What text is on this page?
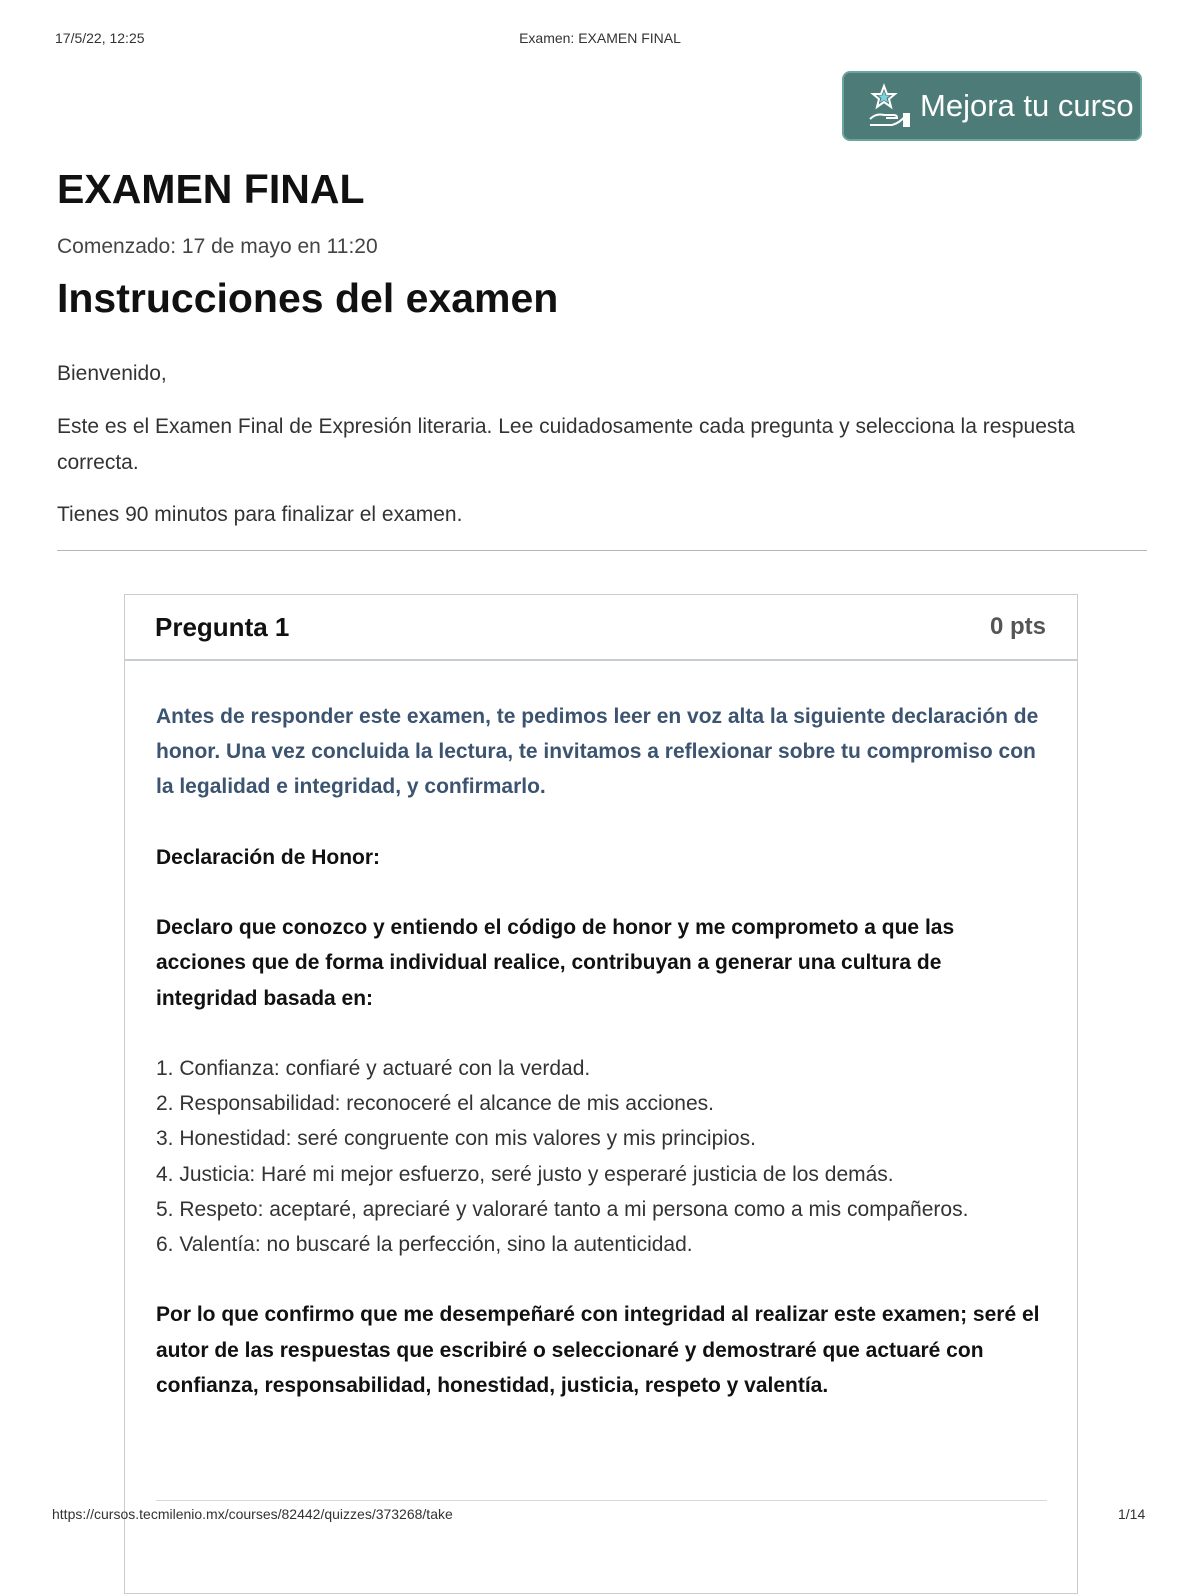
17/5/22, 12:25	Examen: EXAMEN FINAL
Mejora tu curso
EXAMEN FINAL
Comenzado: 17 de mayo en 11:20
Instrucciones del examen

Bienvenido,

Este es el Examen Final de Expresión literaria. Lee cuidadosamente cada pregunta y selecciona la respuesta correcta.

Tienes 90 minutos para finalizar el examen.

Pregunta 1	0 pts

Antes de responder este examen, te pedimos leer en voz alta la siguiente declaración de honor. Una vez concluida la lectura, te invitamos a reflexionar sobre tu compromiso con la legalidad e integridad, y confirmarlo.

Declaración de Honor:

Declaro que conozco y entiendo el código de honor y me comprometo a que las acciones que de forma individual realice, contribuyan a generar una cultura de integridad basada en:

1. Confianza: confiaré y actuaré con la verdad.

2. Responsabilidad: reconoceré el alcance de mis acciones.

3. Honestidad: seré congruente con mis valores y mis principios.

4. Justicia: Haré mi mejor esfuerzo, seré justo y esperaré justicia de los demás.

5. Respeto: aceptaré, apreciaré y valoraré tanto a mi persona como a mis compañeros.

6. Valentía: no buscaré la perfección, sino la autenticidad.

Por lo que confirmo que me desempeñaré con integridad al realizar este examen; seré el autor de las respuestas que escribiré o seleccionaré y demostraré que actuaré con confianza, responsabilidad, honestidad, justicia, respeto y valentía.

https://cursos.tecmilenio.mx/courses/82442/quizzes/373268/take	1/14
